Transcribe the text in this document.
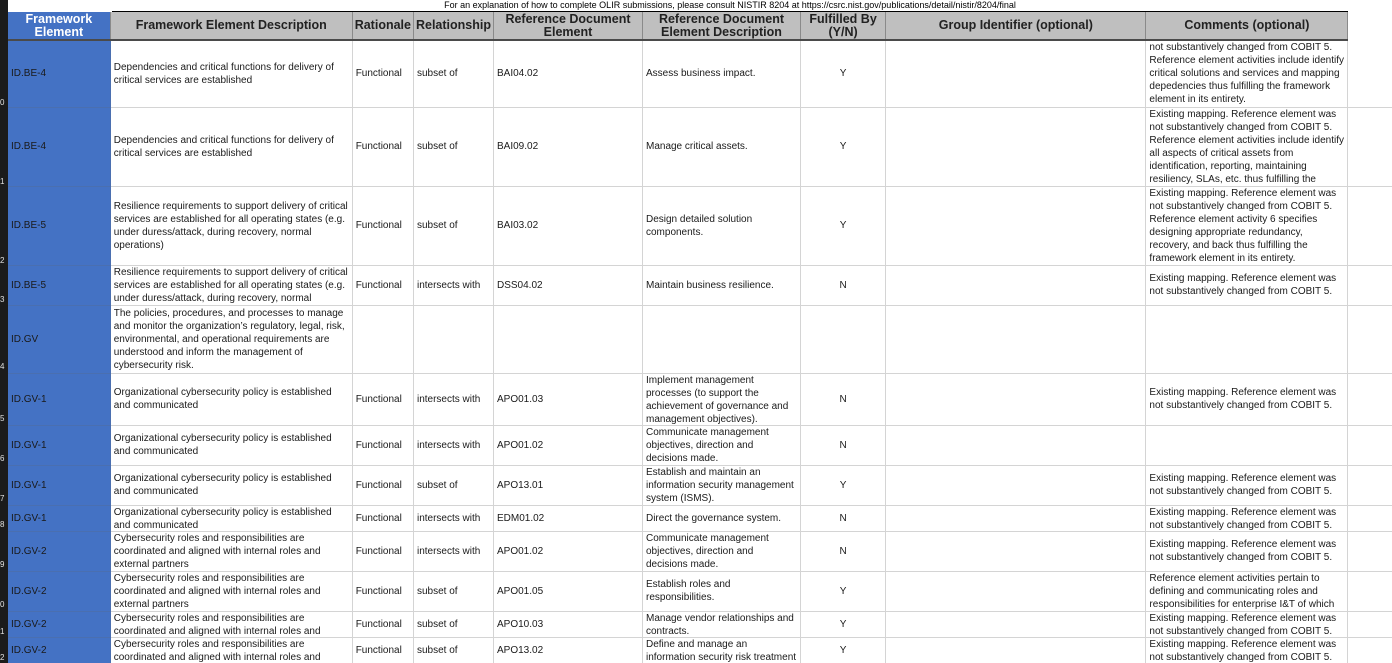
0
1
2
3
4
5
6
7
8
9
0
1
2
For an explanation of how to complete OLIR submissions, please consult NISTIR 8204 at https://csrc.nist.gov/publications/detail/nistir/8204/final
Framework Element	Framework Element Description	Rationale	Relationship	Reference Document Element	Reference Document Element Description	Fulfilled By (Y/N)	Group Identifier (optional)	Comments (optional)	

ID.BE-4	Dependencies and critical functions for delivery of critical services are established	Functional	subset of	BAI04.02	Assess business impact.	Y		not substantively changed from COBIT 5. Reference element activities include identify critical solutions and services and mapping depedencies thus fulfilling the framework element in its entirety.	

ID.BE-4	Dependencies and critical functions for delivery of critical services are established	Functional	subset of	BAI09.02	Manage critical assets.	Y		Existing mapping. Reference element was not substantively changed from COBIT 5. Reference element activities include identify all aspects of critical assets from identification, reporting, maintaining resiliency, SLAs, etc. thus fulfilling the	

ID.BE-5	Resilience requirements to support delivery of critical services are established for all operating states (e.g. under duress/attack, during recovery, normal operations)	Functional	subset of	BAI03.02	Design detailed solution components.	Y		Existing mapping. Reference element was not substantively changed from COBIT 5. Reference element activity 6 specifies designing appropriate redundancy, recovery, and back thus fulfilling the framework element in its entirety.	

ID.BE-5	Resilience requirements to support delivery of critical services are established for all operating states (e.g. under duress/attack, during recovery, normal	Functional	intersects with	DSS04.02	Maintain business resilience.	N		Existing mapping. Reference element was not substantively changed from COBIT 5.	

ID.GV	The policies, procedures, and processes to manage and monitor the organization’s regulatory, legal, risk, environmental, and operational requirements are understood and inform the management of cybersecurity risk.								

ID.GV-1	Organizational cybersecurity policy is established and communicated	Functional	intersects with	APO01.03	Implement management processes (to support the achievement of governance and management objectives).	N		Existing mapping. Reference element was not substantively changed from COBIT 5.	

ID.GV-1	Organizational cybersecurity policy is established and communicated	Functional	intersects with	APO01.02	Communicate management objectives, direction and decisions made.	N			

ID.GV-1	Organizational cybersecurity policy is established and communicated	Functional	subset of	APO13.01	Establish and maintain an information security management system (ISMS).	Y		Existing mapping. Reference element was not substantively changed from COBIT 5.	

ID.GV-1	Organizational cybersecurity policy is established and communicated	Functional	intersects with	EDM01.02	Direct the governance system.	N		Existing mapping. Reference element was not substantively changed from COBIT 5.	

ID.GV-2	Cybersecurity roles and responsibilities are coordinated and aligned with internal roles and external partners	Functional	intersects with	APO01.02	Communicate management objectives, direction and decisions made.	N		Existing mapping. Reference element was not substantively changed from COBIT 5.	

ID.GV-2	Cybersecurity roles and responsibilities are coordinated and aligned with internal roles and external partners	Functional	subset of	APO01.05	Establish roles and responsibilities.	Y		Reference element activities pertain to defining and communicating roles and responsibilities for enterprise I&T of which	

ID.GV-2	Cybersecurity roles and responsibilities are coordinated and aligned with internal roles and	Functional	subset of	APO10.03	Manage vendor relationships and contracts.	Y		Existing mapping. Reference element was not substantively changed from COBIT 5.	

ID.GV-2	Cybersecurity roles and responsibilities are coordinated and aligned with internal roles and	Functional	subset of	APO13.02	Define and manage an information security risk treatment	Y		Existing mapping. Reference element was not substantively changed from COBIT 5.	
